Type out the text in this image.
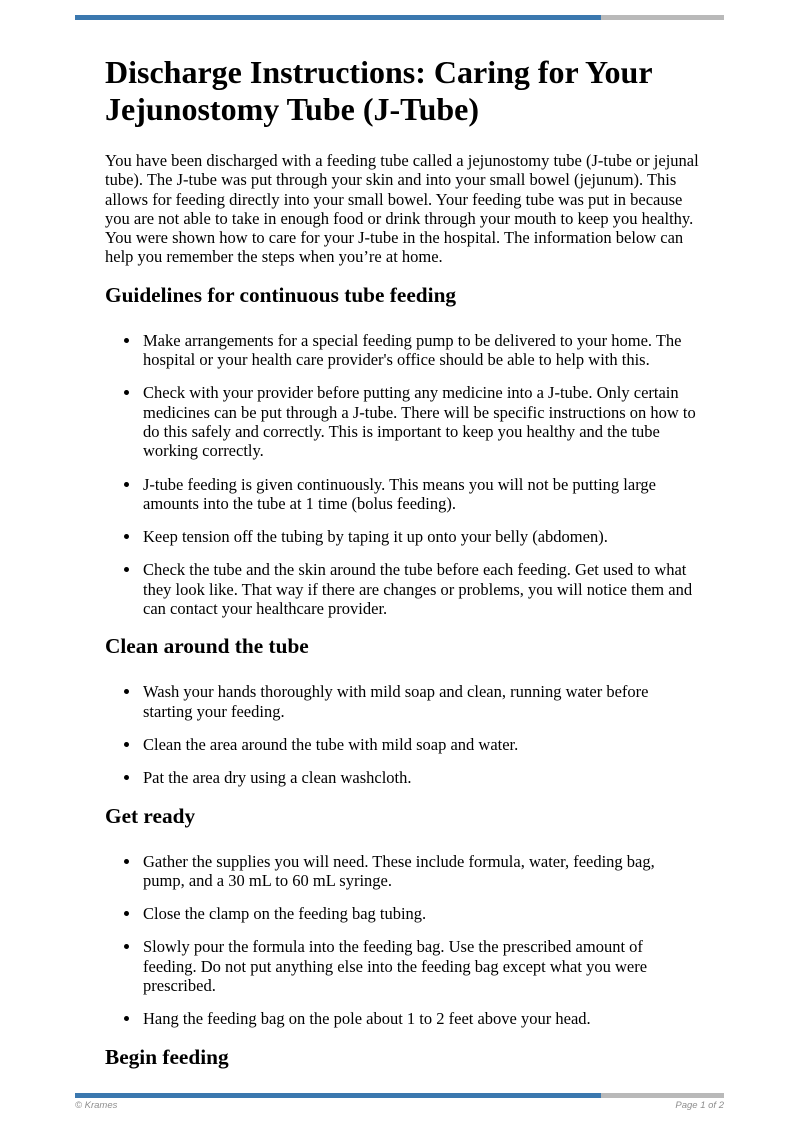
Discharge Instructions: Caring for Your
Jejunostomy Tube (J-Tube)

You have been discharged with a feeding tube called a jejunostomy tube (J-tube or jejunal tube). The J-tube was put through your skin and into your small bowel (jejunum). This allows for feeding directly into your small bowel. Your feeding tube was put in because you are not able to take in enough food or drink through your mouth to keep you healthy. You were shown how to care for your J-tube in the hospital. The information below can help you remember the steps when you’re at home.

Guidelines for continuous tube feeding
• Make arrangements for a special feeding pump to be delivered to your home. The hospital or your health care provider's office should be able to help with this.
• Check with your provider before putting any medicine into a J-tube. Only certain medicines can be put through a J-tube. There will be specific instructions on how to do this safely and correctly. This is important to keep you healthy and the tube working correctly.
• J-tube feeding is given continuously. This means you will not be putting large amounts into the tube at 1 time (bolus feeding).
• Keep tension off the tubing by taping it up onto your belly (abdomen).
• Check the tube and the skin around the tube before each feeding. Get used to what they look like. That way if there are changes or problems, you will notice them and can contact your healthcare provider.
Clean around the tube
• Wash your hands thoroughly with mild soap and clean, running water before starting your feeding.
• Clean the area around the tube with mild soap and water.
• Pat the area dry using a clean washcloth.
Get ready
• Gather the supplies you will need. These include formula, water, feeding bag, pump, and a 30 mL to 60 mL syringe.
• Close the clamp on the feeding bag tubing.
• Slowly pour the formula into the feeding bag. Use the prescribed amount of feeding. Do not put anything else into the feeding bag except what you were prescribed.
• Hang the feeding bag on the pole about 1 to 2 feet above your head.
Begin feeding
© Krames	Page 1 of 2
